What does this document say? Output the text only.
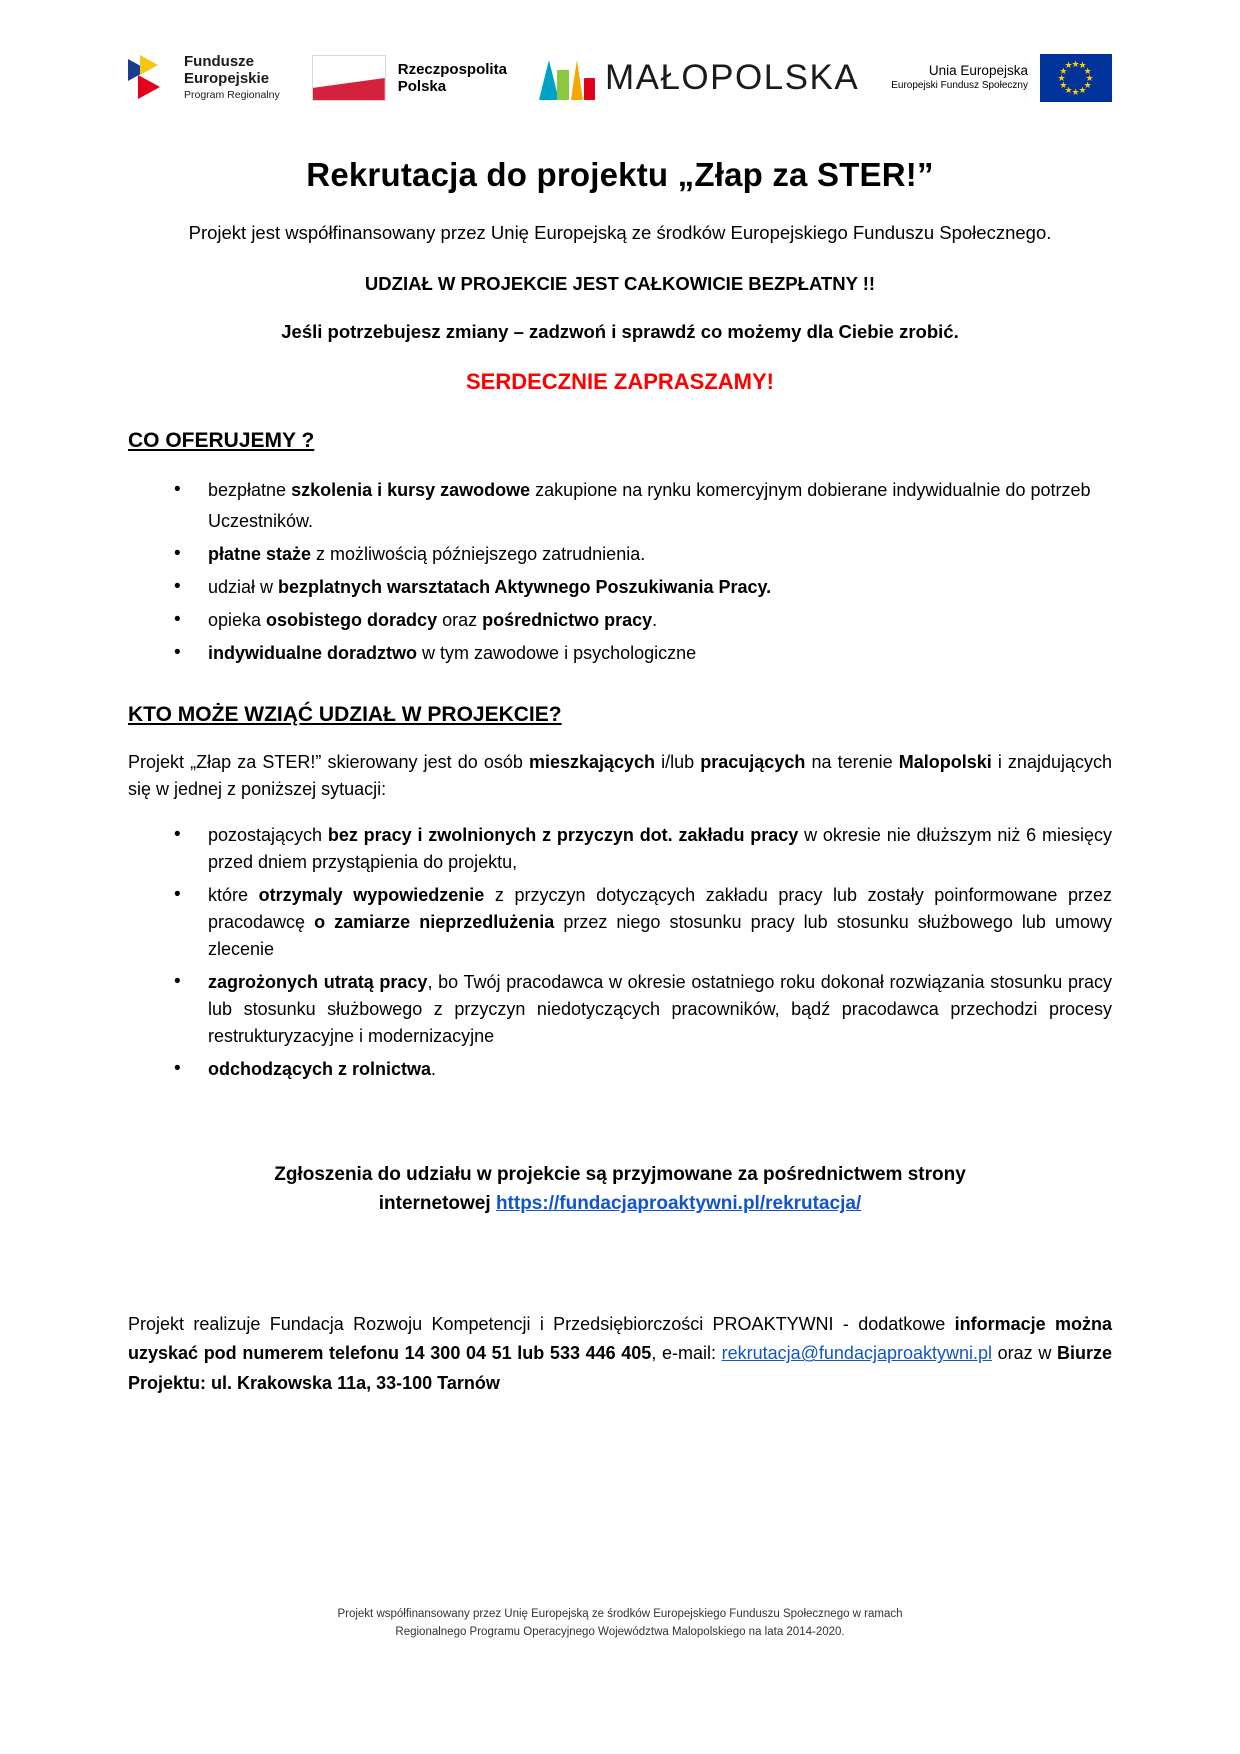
Fundusze
Europejskie
Program Regionalny
Rzeczpospolita
Polska	MAŁOPOLSKA	Unia Europejska
Europejski Fundusz Społeczny
★
★
★
★
★
★
★
★
★
★
★
★
Rekrutacja do projektu „Złap za STER!”

Projekt jest współfinansowany przez Unię Europejską ze środków Europejskiego Funduszu Społecznego.

UDZIAŁ W PROJEKCIE JEST CAŁKOWICIE BEZPŁATNY !!

Jeśli potrzebujesz zmiany – zadzwoń i sprawdź co możemy dla Ciebie zrobić.

SERDECZNIE ZAPRASZAMY!

CO OFERUJEMY ?
• bezpłatne szkolenia i kursy zawodowe zakupione na rynku komercyjnym dobierane indywidualnie do potrzeb Uczestników.
• płatne staże z możliwością późniejszego zatrudnienia.
• udział w bezplatnych warsztatach Aktywnego Poszukiwania Pracy.
• opieka osobistego doradcy oraz pośrednictwo pracy.
• indywidualne doradztwo w tym zawodowe i psychologiczne
KTO MOŻE WZIĄĆ UDZIAŁ W PROJEKCIE?

Projekt „Złap za STER!” skierowany jest do osób mieszkających i/lub pracujących na terenie Malopolski i znajdujących się w jednej z poniższej sytuacji:

• pozostających bez pracy i zwolnionych z przyczyn dot. zakładu pracy w okresie nie dłuższym niż 6 miesięcy przed dniem przystąpienia do projektu,
• które otrzymaly wypowiedzenie z przyczyn dotyczących zakładu pracy lub zostały poinformowane przez pracodawcę o zamiarze nieprzedlużenia przez niego stosunku pracy lub stosunku służbowego lub umowy zlecenie
• zagrożonych utratą pracy, bo Twój pracodawca w okresie ostatniego roku dokonał rozwiązania stosunku pracy lub stosunku służbowego z przyczyn niedotyczących pracowników, bądź pracodawca przechodzi procesy restrukturyzacyjne i modernizacyjne
• odchodzących z rolnictwa.

Zgłoszenia do udziału w projekcie są przyjmowane za pośrednictwem strony
internetowej https://fundacjaproaktywni.pl/rekrutacja/

Projekt realizuje Fundacja Rozwoju Kompetencji i Przedsiębiorczości PROAKTYWNI - dodatkowe informacje można uzyskać pod numerem telefonu 14 300 04 51 lub 533 446 405, e-mail: rekrutacja@fundacjaproaktywni.pl oraz w Biurze Projektu: ul. Krakowska 11a, 33-100 Tarnów

Projekt współfinansowany przez Unię Europejską ze środków Europejskiego Funduszu Społecznego w ramach
Regionalnego Programu Operacyjnego Województwa Malopolskiego na lata 2014-2020.
